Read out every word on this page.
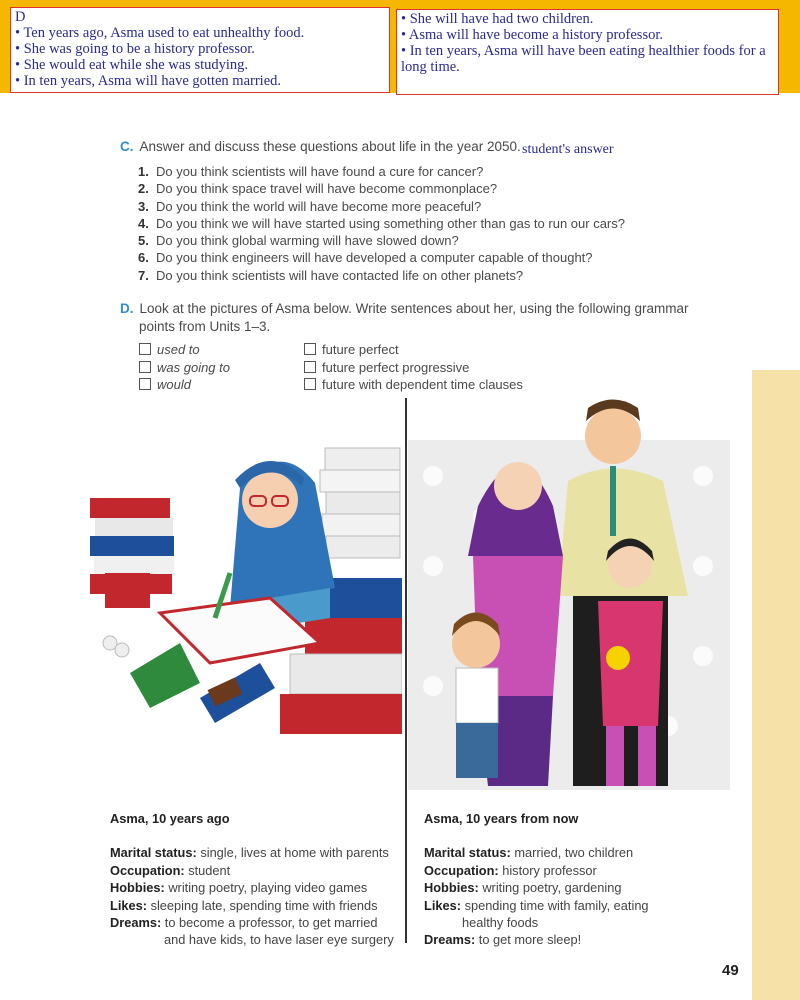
D
• Ten years ago, Asma used to eat unhealthy food.
• She was going to be a history professor.
• She would eat while she was studying.
• In ten years, Asma will have gotten married.
• She will have had two children.
• Asma will have become a history professor.
• In ten years, Asma will have been eating healthier foods for a long time.
C. Answer and discuss these questions about life in the year 2050. student's answer
1. Do you think scientists will have found a cure for cancer?
2. Do you think space travel will have become commonplace?
3. Do you think the world will have become more peaceful?
4. Do you think we will have started using something other than gas to run our cars?
5. Do you think global warming will have slowed down?
6. Do you think engineers will have developed a computer capable of thought?
7. Do you think scientists will have contacted life on other planets?
D. Look at the pictures of Asma below. Write sentences about her, using the following grammar
points from Units 1–3.
used to
was going to
would
future perfect
future perfect progressive
future with dependent time clauses
Asma, 10 years ago
Marital status: single, lives at home with parents
Occupation: student
Hobbies: writing poetry, playing video games
Likes: sleeping late, spending time with friends
Dreams: to become a professor, to get married
and have kids, to have laser eye surgery
Asma, 10 years from now
Marital status: married, two children
Occupation: history professor
Hobbies: writing poetry, gardening
Likes: spending time with family, eating
healthy foods
Dreams: to get more sleep!
49
